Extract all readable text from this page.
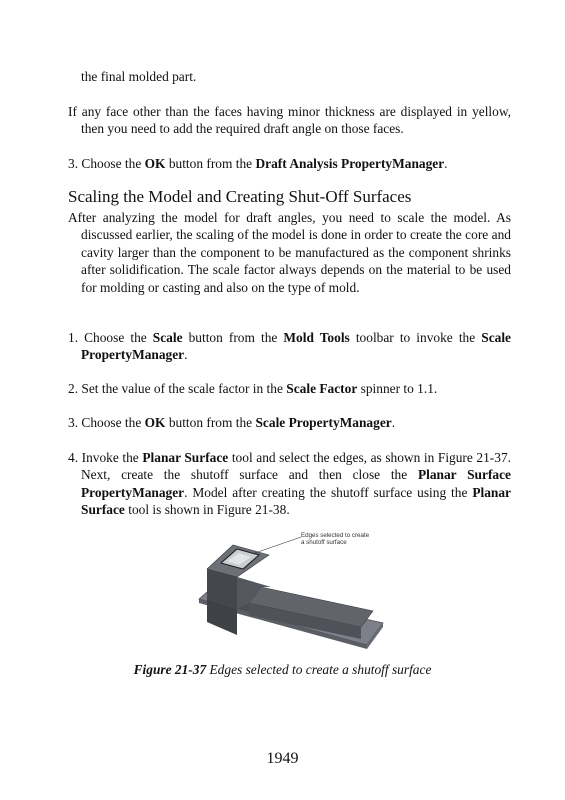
the final molded part.
If any face other than the faces having minor thickness are displayed in yellow, then you need to add the required draft angle on those faces.
3. Choose the OK button from the Draft Analysis PropertyManager.
Scaling the Model and Creating Shut-Off Surfaces
After analyzing the model for draft angles, you need to scale the model. As discussed earlier, the scaling of the model is done in order to create the core and cavity larger than the component to be manufactured as the component shrinks after solidification. The scale factor always depends on the material to be used for molding or casting and also on the type of mold.
1. Choose the Scale button from the Mold Tools toolbar to invoke the Scale PropertyManager.
2. Set the value of the scale factor in the Scale Factor spinner to 1.1.
3. Choose the OK button from the Scale PropertyManager.
4. Invoke the Planar Surface tool and select the edges, as shown in Figure 21-37. Next, create the shutoff surface and then close the Planar Surface PropertyManager. Model after creating the shutoff surface using the Planar Surface tool is shown in Figure 21-38.
Edges selected to create a shutoff surface
Figure 21-37 Edges selected to create a shutoff surface
1949
